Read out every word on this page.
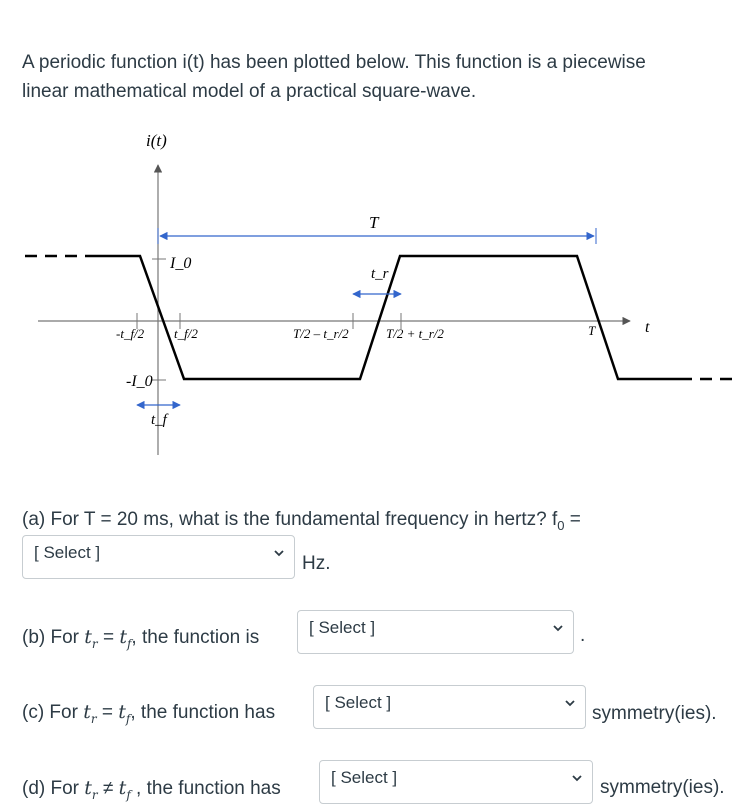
A periodic function i(t) has been plotted below. This function is a piecewise
linear mathematical model of a practical square-wave.
i(t)
t
I_0
-I_0
-t_f/2 t_f/2	T/2 – t_r/2	T/2 + t_r/2	T
T
t_r
t_f
(a) For T = 20 ms, what is the fundamental frequency in hertz? $f_0$ =
[ Select ]
Hz.
(b) For $t_r = t_f$, the function is	[ Select ]	.
(c) For $t_r = t_f$, the function has	[ Select ]
symmetry(ies).
(d) For $t_r \ne t_f$ , the function has
[ Select ]	symmetry(ies).
